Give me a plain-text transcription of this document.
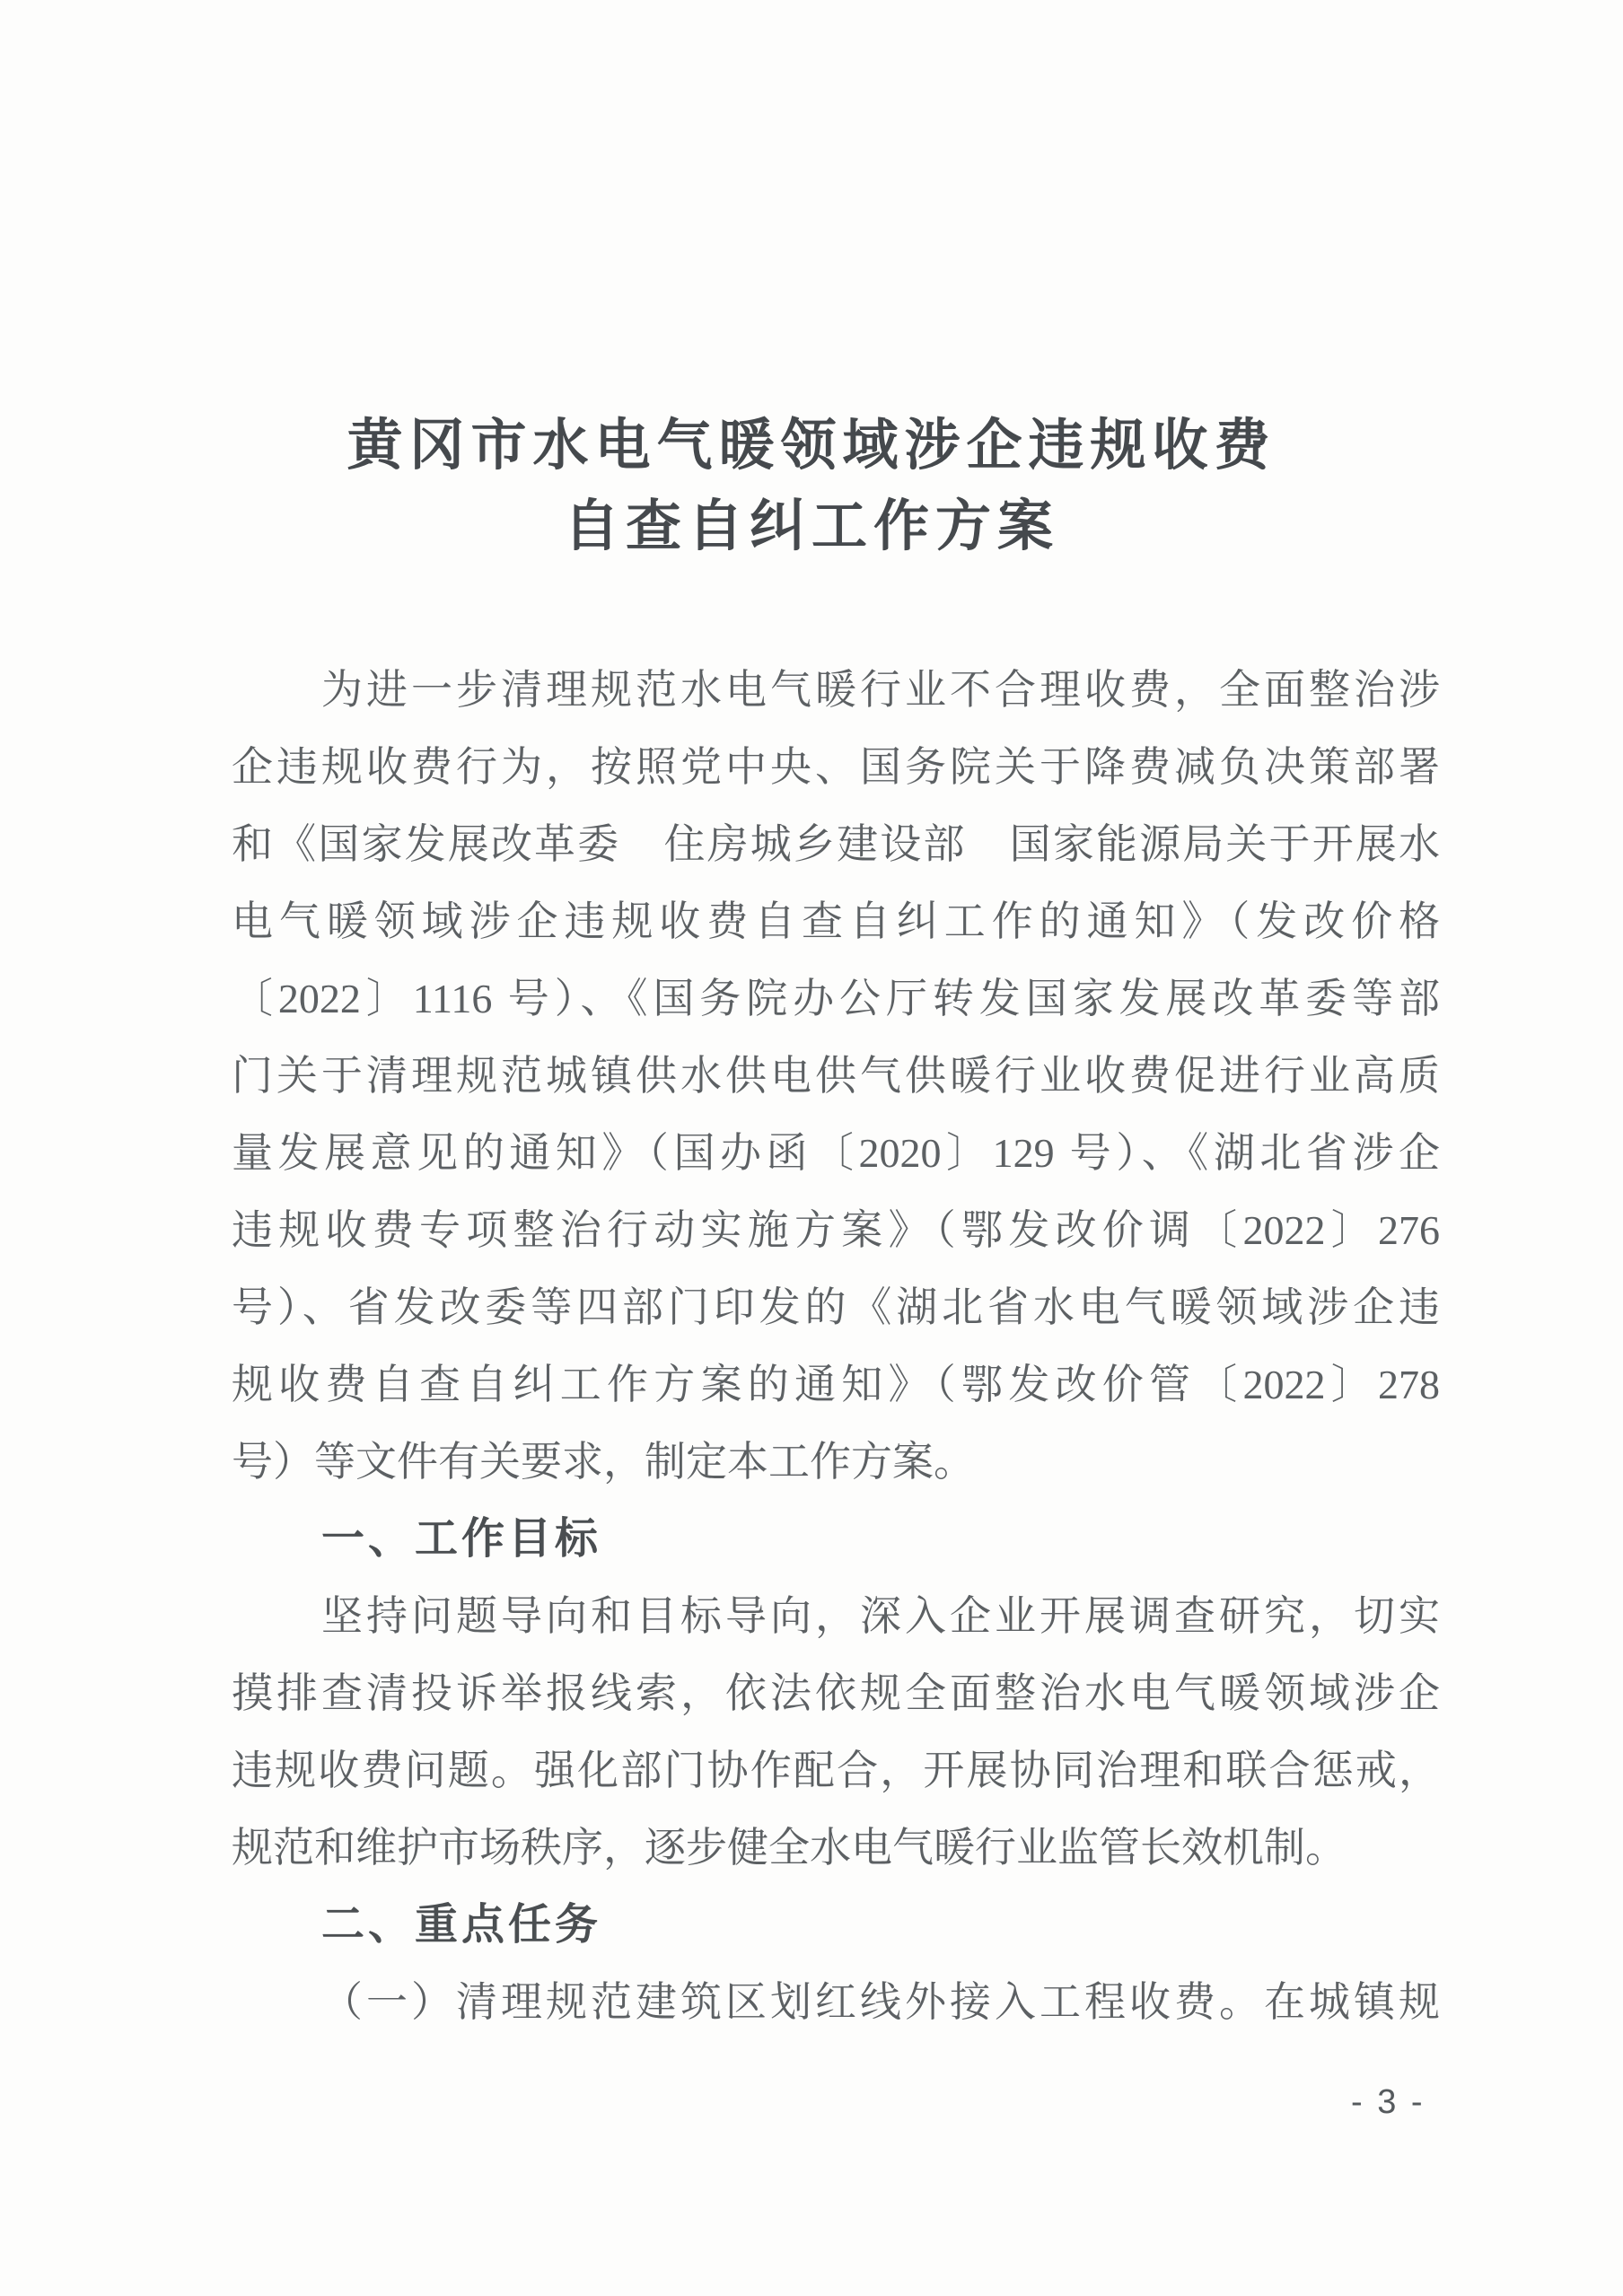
黄冈市水电气暖领域涉企违规收费
自查自纠工作方案
为进一步清理规范水电气暖行业不合理收费，全面整治涉
企违规收费行为，按照党中央、国务院关于降费减负决策部署
和《国家发展改革委　住房城乡建设部　国家能源局关于开展水
电气暖领域涉企违规收费自查自纠工作的通知》（发改价格
〔2022〕1116 号）、《国务院办公厅转发国家发展改革委等部
门关于清理规范城镇供水供电供气供暖行业收费促进行业高质
量发展意见的通知》（国办函〔2020〕129 号）、《湖北省涉企
违规收费专项整治行动实施方案》（鄂发改价调〔2022〕276
号）、省发改委等四部门印发的《湖北省水电气暖领域涉企违
规收费自查自纠工作方案的通知》（鄂发改价管〔2022〕278
号）等文件有关要求，制定本工作方案。
一、工作目标
坚持问题导向和目标导向，深入企业开展调查研究，切实
摸排查清投诉举报线索，依法依规全面整治水电气暖领域涉企
违规收费问题。强化部门协作配合，开展协同治理和联合惩戒，
规范和维护市场秩序，逐步健全水电气暖行业监管长效机制。
二、重点任务
（一）清理规范建筑区划红线外接入工程收费。在城镇规
- 3 -
